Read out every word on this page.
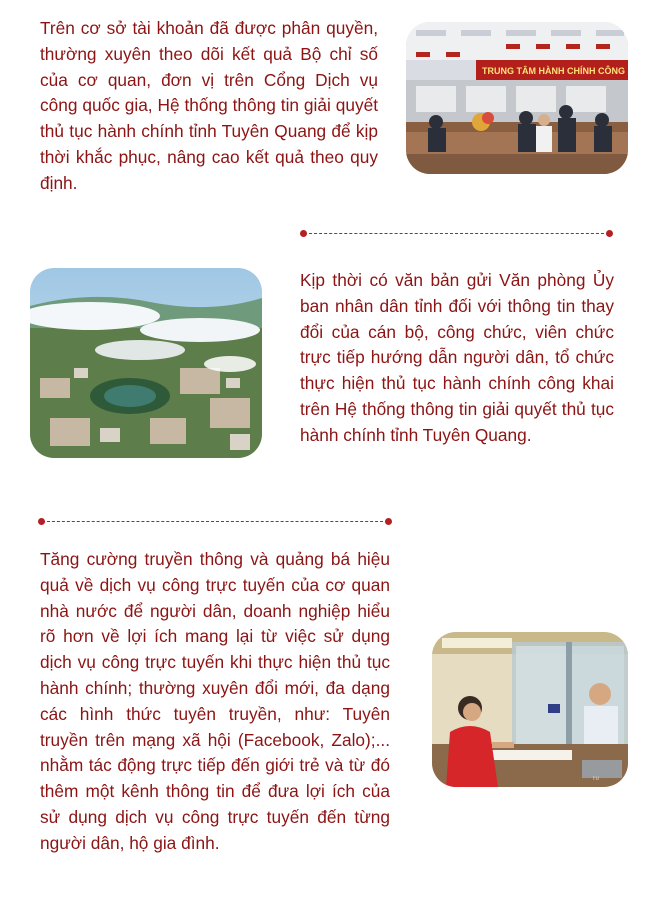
Trên cơ sở tài khoản đã được phân quyền, thường xuyên theo dõi kết quả Bộ chỉ số của cơ quan, đơn vị trên Cổng Dịch vụ công quốc gia, Hệ thống thông tin giải quyết thủ tục hành chính tỉnh Tuyên Quang để kịp thời khắc phục, nâng cao kết quả theo quy định.

TRUNG TÂM HÀNH CHÍNH CÔNG

Kịp thời có văn bản gửi Văn phòng Ủy ban nhân dân tỉnh đối với thông tin thay đổi của cán bộ, công chức, viên chức trực tiếp hướng dẫn người dân, tổ chức thực hiện thủ tục hành chính công khai trên Hệ thống thông tin giải quyết thủ tục hành chính tỉnh Tuyên Quang.

Tăng cường truyền thông và quảng bá hiệu quả về dịch vụ công trực tuyến của cơ quan nhà nước để người dân, doanh nghiệp hiểu rõ hơn về lợi ích mang lại từ việc sử dụng dịch vụ công trực tuyến khi thực hiện thủ tục hành chính; thường xuyên đổi mới, đa dạng các hình thức tuyên truyền, như: Tuyên truyền trên mạng xã hội (Facebook, Zalo);... nhằm tác động trực tiếp đến giới trẻ và từ đó thêm một kênh thông tin để đưa lợi ích của sử dụng dịch vụ công trực tuyến đến từng người dân, hộ gia đình.

Tu
